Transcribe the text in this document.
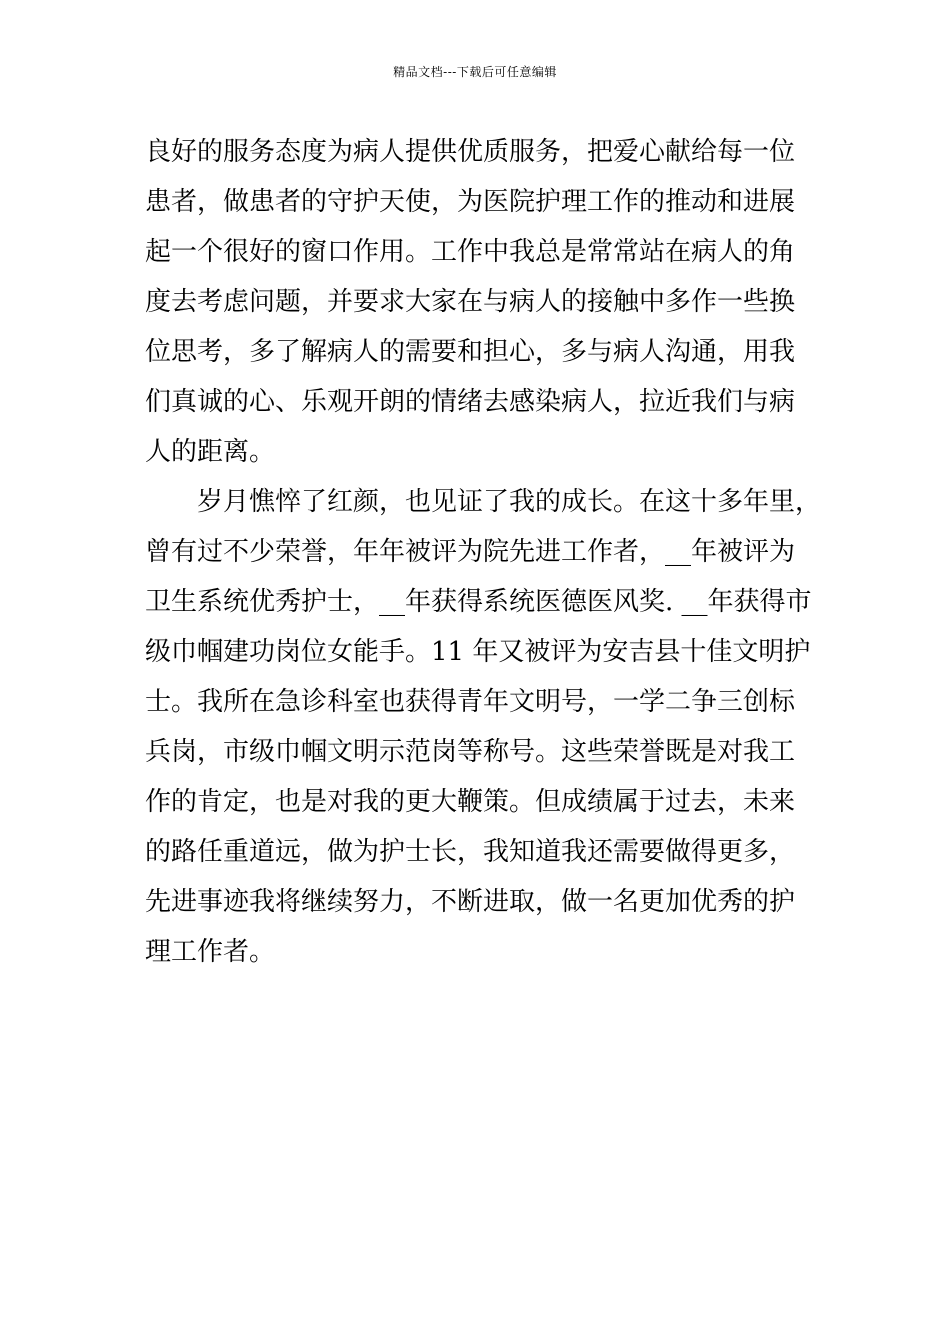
精品文档---下载后可任意编辑
良好的服务态度为病人提供优质服务，把爱心献给每一位
患者，做患者的守护天使，为医院护理工作的推动和进展
起一个很好的窗口作用。工作中我总是常常站在病人的角
度去考虑问题，并要求大家在与病人的接触中多作一些换
位思考，多了解病人的需要和担心，多与病人沟通，用我
们真诚的心、乐观开朗的情绪去感染病人，拉近我们与病
人的距离。
岁月憔悴了红颜，也见证了我的成长。在这十多年里，
曾有过不少荣誉，年年被评为院先进工作者，__年被评为
卫生系统优秀护士，__年获得系统医德医风奖. __年获得市
级巾帼建功岗位女能手。11 年又被评为安吉县十佳文明护
士。我所在急诊科室也获得青年文明号，一学二争三创标
兵岗，市级巾帼文明示范岗等称号。这些荣誉既是对我工
作的肯定，也是对我的更大鞭策。但成绩属于过去，未来
的路任重道远，做为护士长，我知道我还需要做得更多，
先进事迹我将继续努力，不断进取，做一名更加优秀的护
理工作者。
